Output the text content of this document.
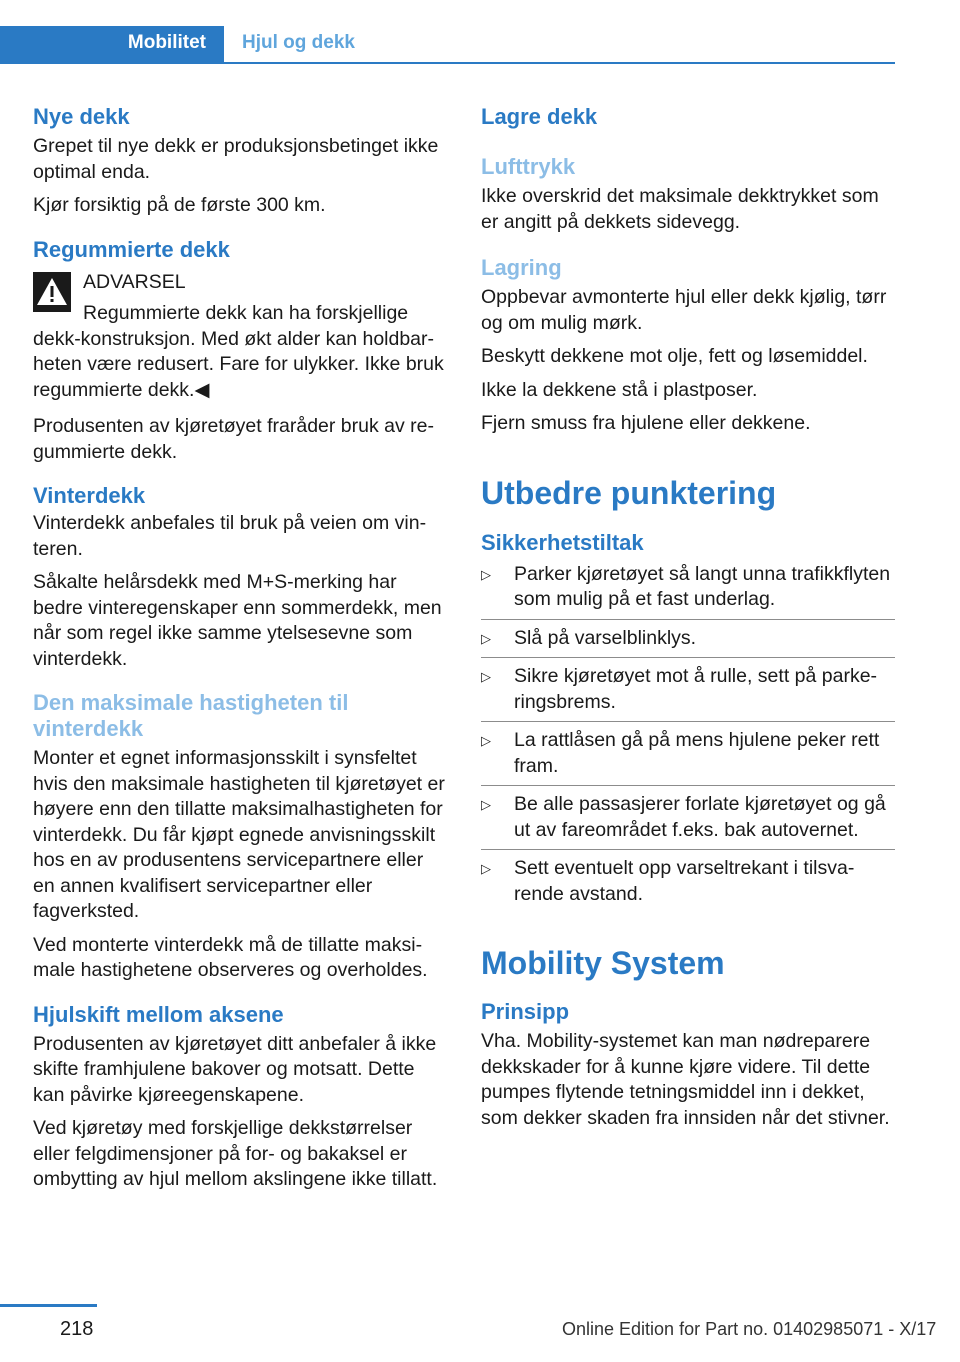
Mobilitet	Hjul og dekk
Nye dekk

Grepet til nye dekk er produksjonsbetinget ikke optimal enda.

Kjør forsiktig på de første 300 km.

Regummierte dekk

ADVARSEL

Regummierte dekk kan ha forskjellige dekk-konstruksjon. Med økt alder kan holdbarheten være redusert. Fare for ulykker. Ikke bruk regummierte dekk.◀

Produsenten av kjøretøyet fraråder bruk av regummierte dekk.

Vinterdekk

Vinterdekk anbefales til bruk på veien om vinteren.

Såkalte helårsdekk med M+S-merking har bedre vinteregenskaper enn sommerdekk, men når som regel ikke samme ytelsesevne som vinterdekk.

Den maksimale hastigheten til vinterdekk

Monter et egnet informasjonsskilt i synsfeltet hvis den maksimale hastigheten til kjøretøyet er høyere enn den tillatte maksimalhastigheten for vinterdekk. Du får kjøpt egnede anvisningsskilt hos en av produsentens servicepartnere eller en annen kvalifisert servicepartner eller fagverksted.

Ved monterte vinterdekk må de tillatte maksimale hastighetene observeres og overholdes.

Hjulskift mellom aksene

Produsenten av kjøretøyet ditt anbefaler å ikke skifte framhjulene bakover og motsatt. Dette kan påvirke kjøreegenskapene.

Ved kjøretøy med forskjellige dekkstørrelser eller felgdimensjoner på for- og bakaksel er ombytting av hjul mellom akslingene ikke tillatt.

Lagre dekk
Lufttrykk

Ikke overskrid det maksimale dekktrykket som er angitt på dekkets sidevegg.

Lagring

Oppbevar avmonterte hjul eller dekk kjølig, tørr og om mulig mørk.

Beskytt dekkene mot olje, fett og løsemiddel.

Ikke la dekkene stå i plastposer.

Fjern smuss fra hjulene eller dekkene.

Utbedre punktering
Sikkerhetstiltak
▷ Parker kjøretøyet så langt unna trafikkflyten som mulig på et fast underlag.
▷ Slå på varselblinklys.
▷ Sikre kjøretøyet mot å rulle, sett på parkeringsbrems.
▷ La rattlåsen gå på mens hjulene peker rett fram.
▷ Be alle passasjerer forlate kjøretøyet og gå ut av fareområdet f.eks. bak autovernet.
▷ Sett eventuelt opp varseltrekant i tilsvarende avstand.
Mobility System
Prinsipp

Vha. Mobility-systemet kan man nødreparere dekkskader for å kunne kjøre videre. Til dette pumpes flytende tetningsmiddel inn i dekket, som dekker skaden fra innsiden når det stivner.

218	Online Edition for Part no. 01402985071 - X/17
